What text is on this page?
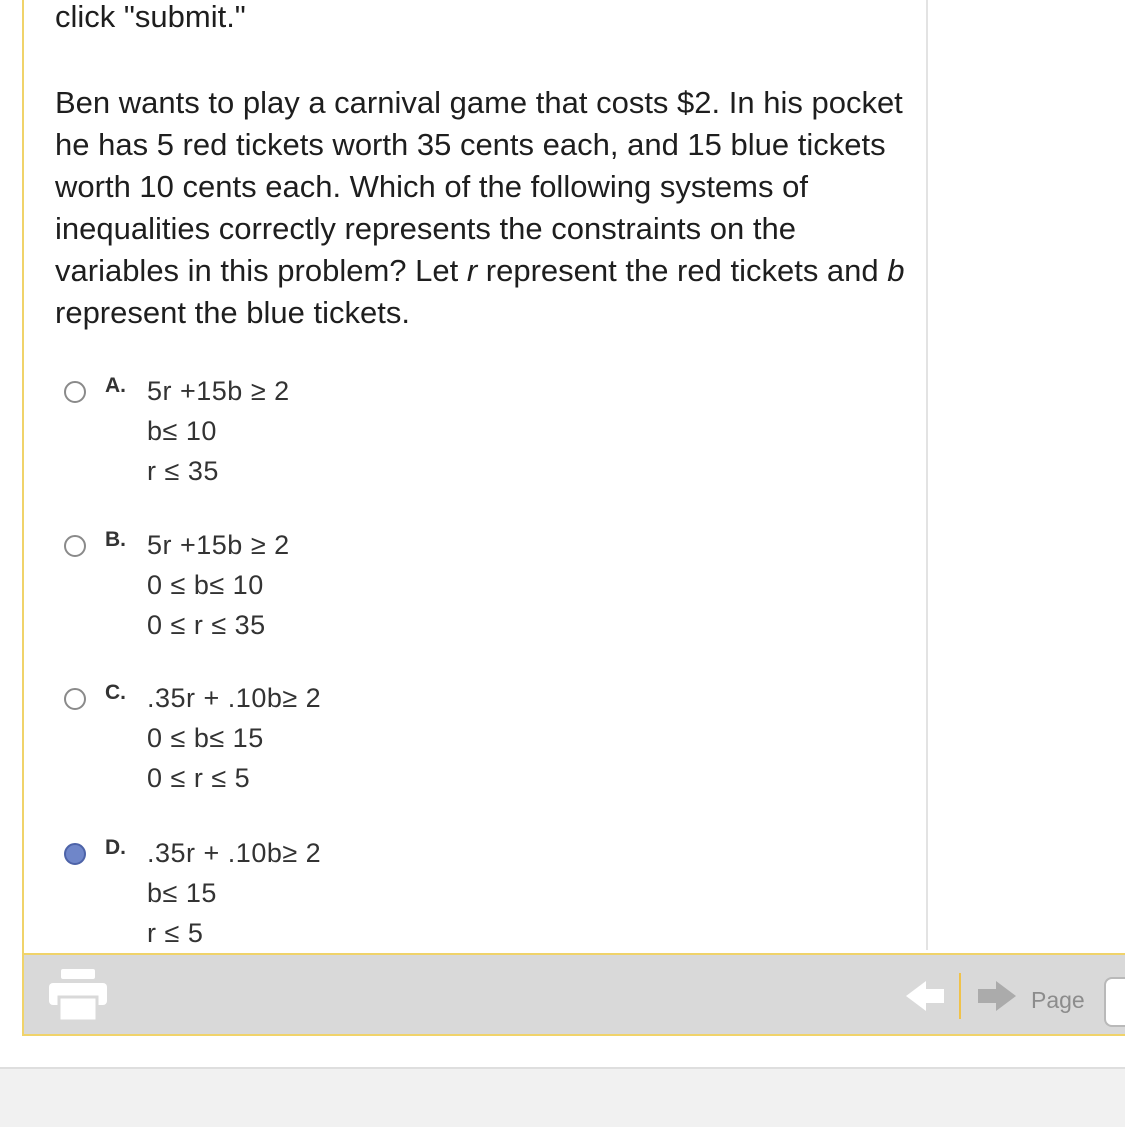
click "submit."

Ben wants to play a carnival game that costs $2. In his pocket he has 5 red tickets worth 35 cents each, and 15 blue tickets worth 10 cents each. Which of the following systems of inequalities correctly represents the constraints on the variables in this problem? Let r represent the red tickets and b represent the blue tickets.

A. 5r +15b ≥ 2
b≤ 10
r ≤ 35
B. 5r +15b ≥ 2
0 ≤ b≤ 10
0 ≤ r ≤ 35
C. .35r + .10b≥ 2
0 ≤ b≤ 15
0 ≤ r ≤ 5
D. .35r + .10b≥ 2
b≤ 15
r ≤ 5
Page
